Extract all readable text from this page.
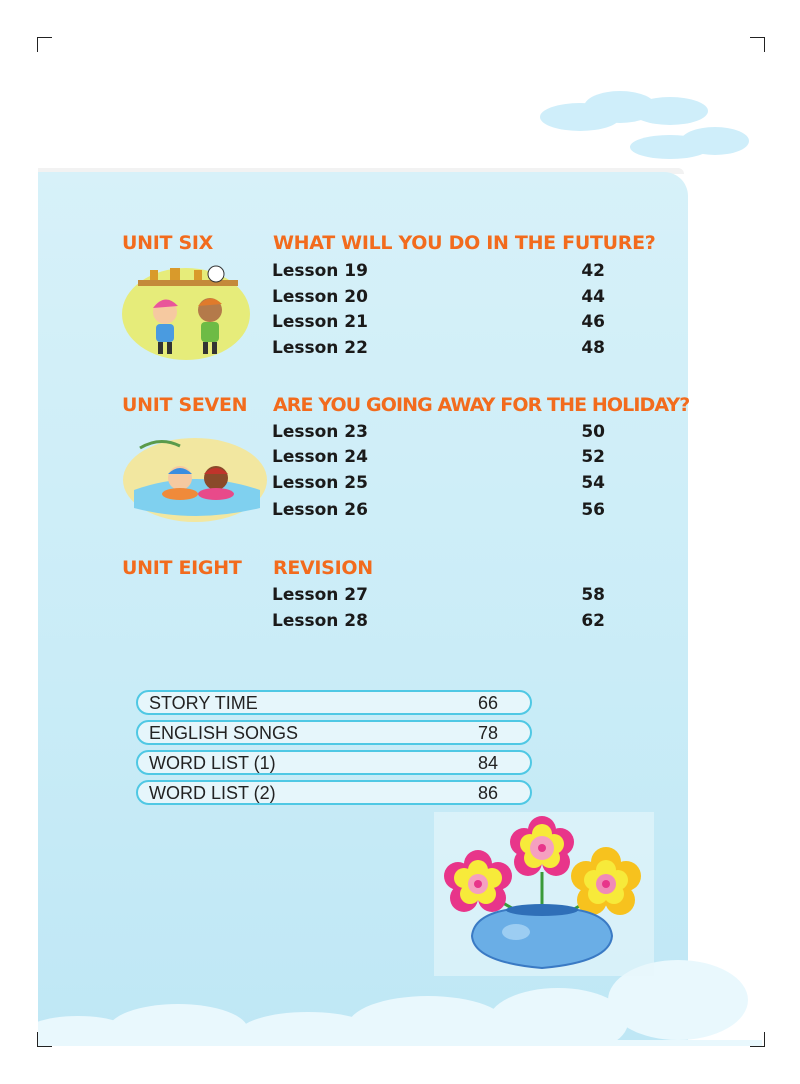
UNIT SIX	WHAT WILL YOU DO IN THE FUTURE?
Lesson 19	42
Lesson 20	44
Lesson 21	46
Lesson 22	48
UNIT SEVEN ARE YOU GOING AWAY FOR THE HOLIDAY?
Lesson 23	50
Lesson 24	52
Lesson 25	54
Lesson 26	56
UNIT EIGHT REVISION
Lesson 27	58
Lesson 28	62
STORY TIME	66
ENGLISH SONGS	78
WORD LIST (1)	84
WORD LIST (2)	86
